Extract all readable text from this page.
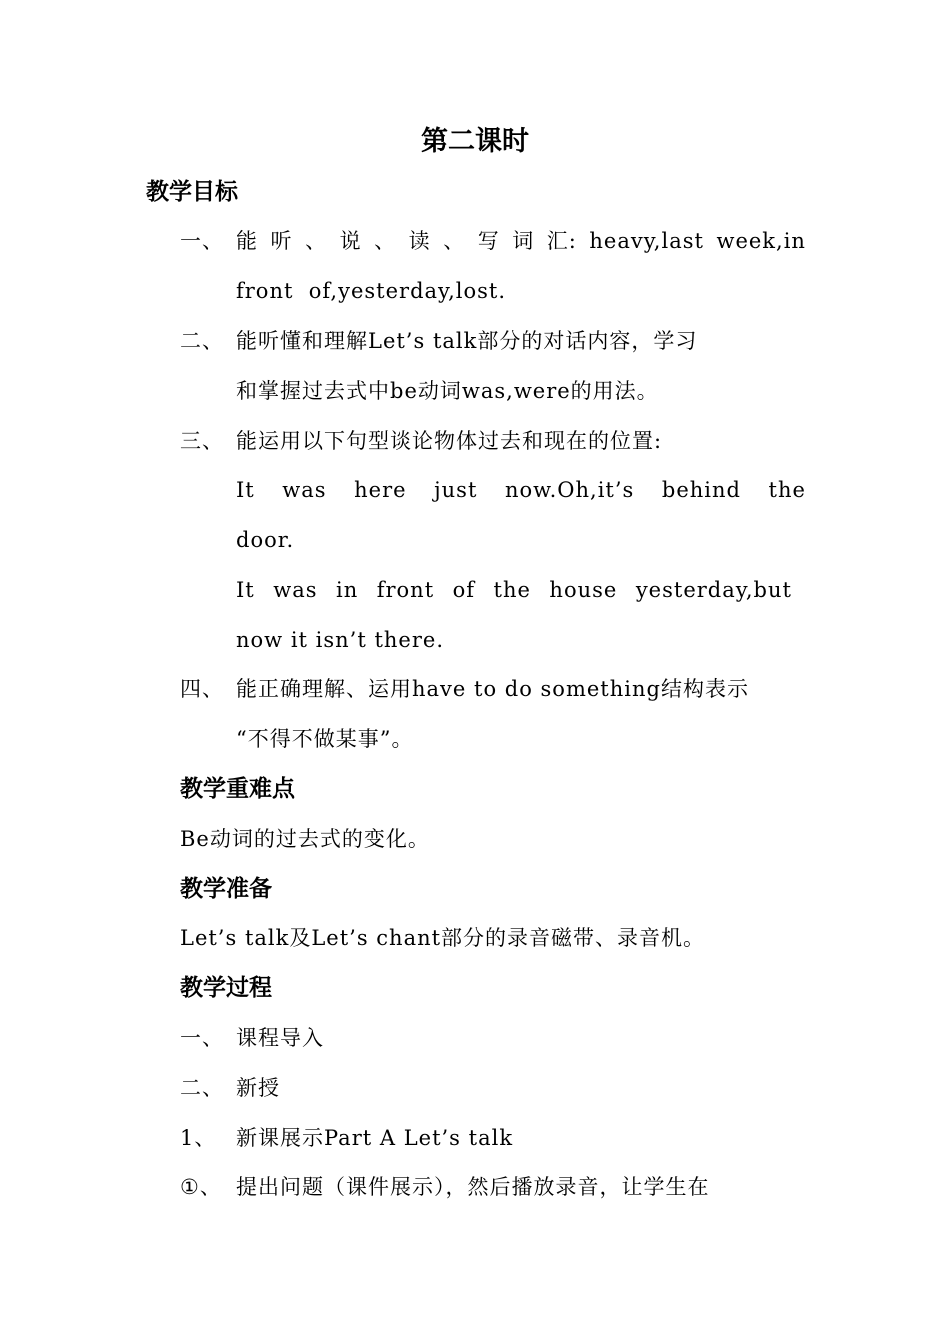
第二课时
教学目标
一、 能 听 、 说 、 读 、 写 词 汇: heavy,last week,in
front  of,yesterday,lost.
二、 能听懂和理解Let’s talk部分的对话内容，学习
和掌握过去式中be动词was,were的用法。
三、 能运用以下句型谈论物体过去和现在的位置:
It was here just now.Oh,it’s behind the
door.
It was in front of the house yesterday,but
now it isn’t there.
四、 能正确理解、运用have to do something结构表示
“不得不做某事”。
教学重难点
Be动词的过去式的变化。
教学准备
Let’s talk及Let’s chant部分的录音磁带、录音机。
教学过程
一、 课程导入
二、 新授
1、 新课展示Part A Let’s talk
①、 提出问题（课件展示），然后播放录音，让学生在
